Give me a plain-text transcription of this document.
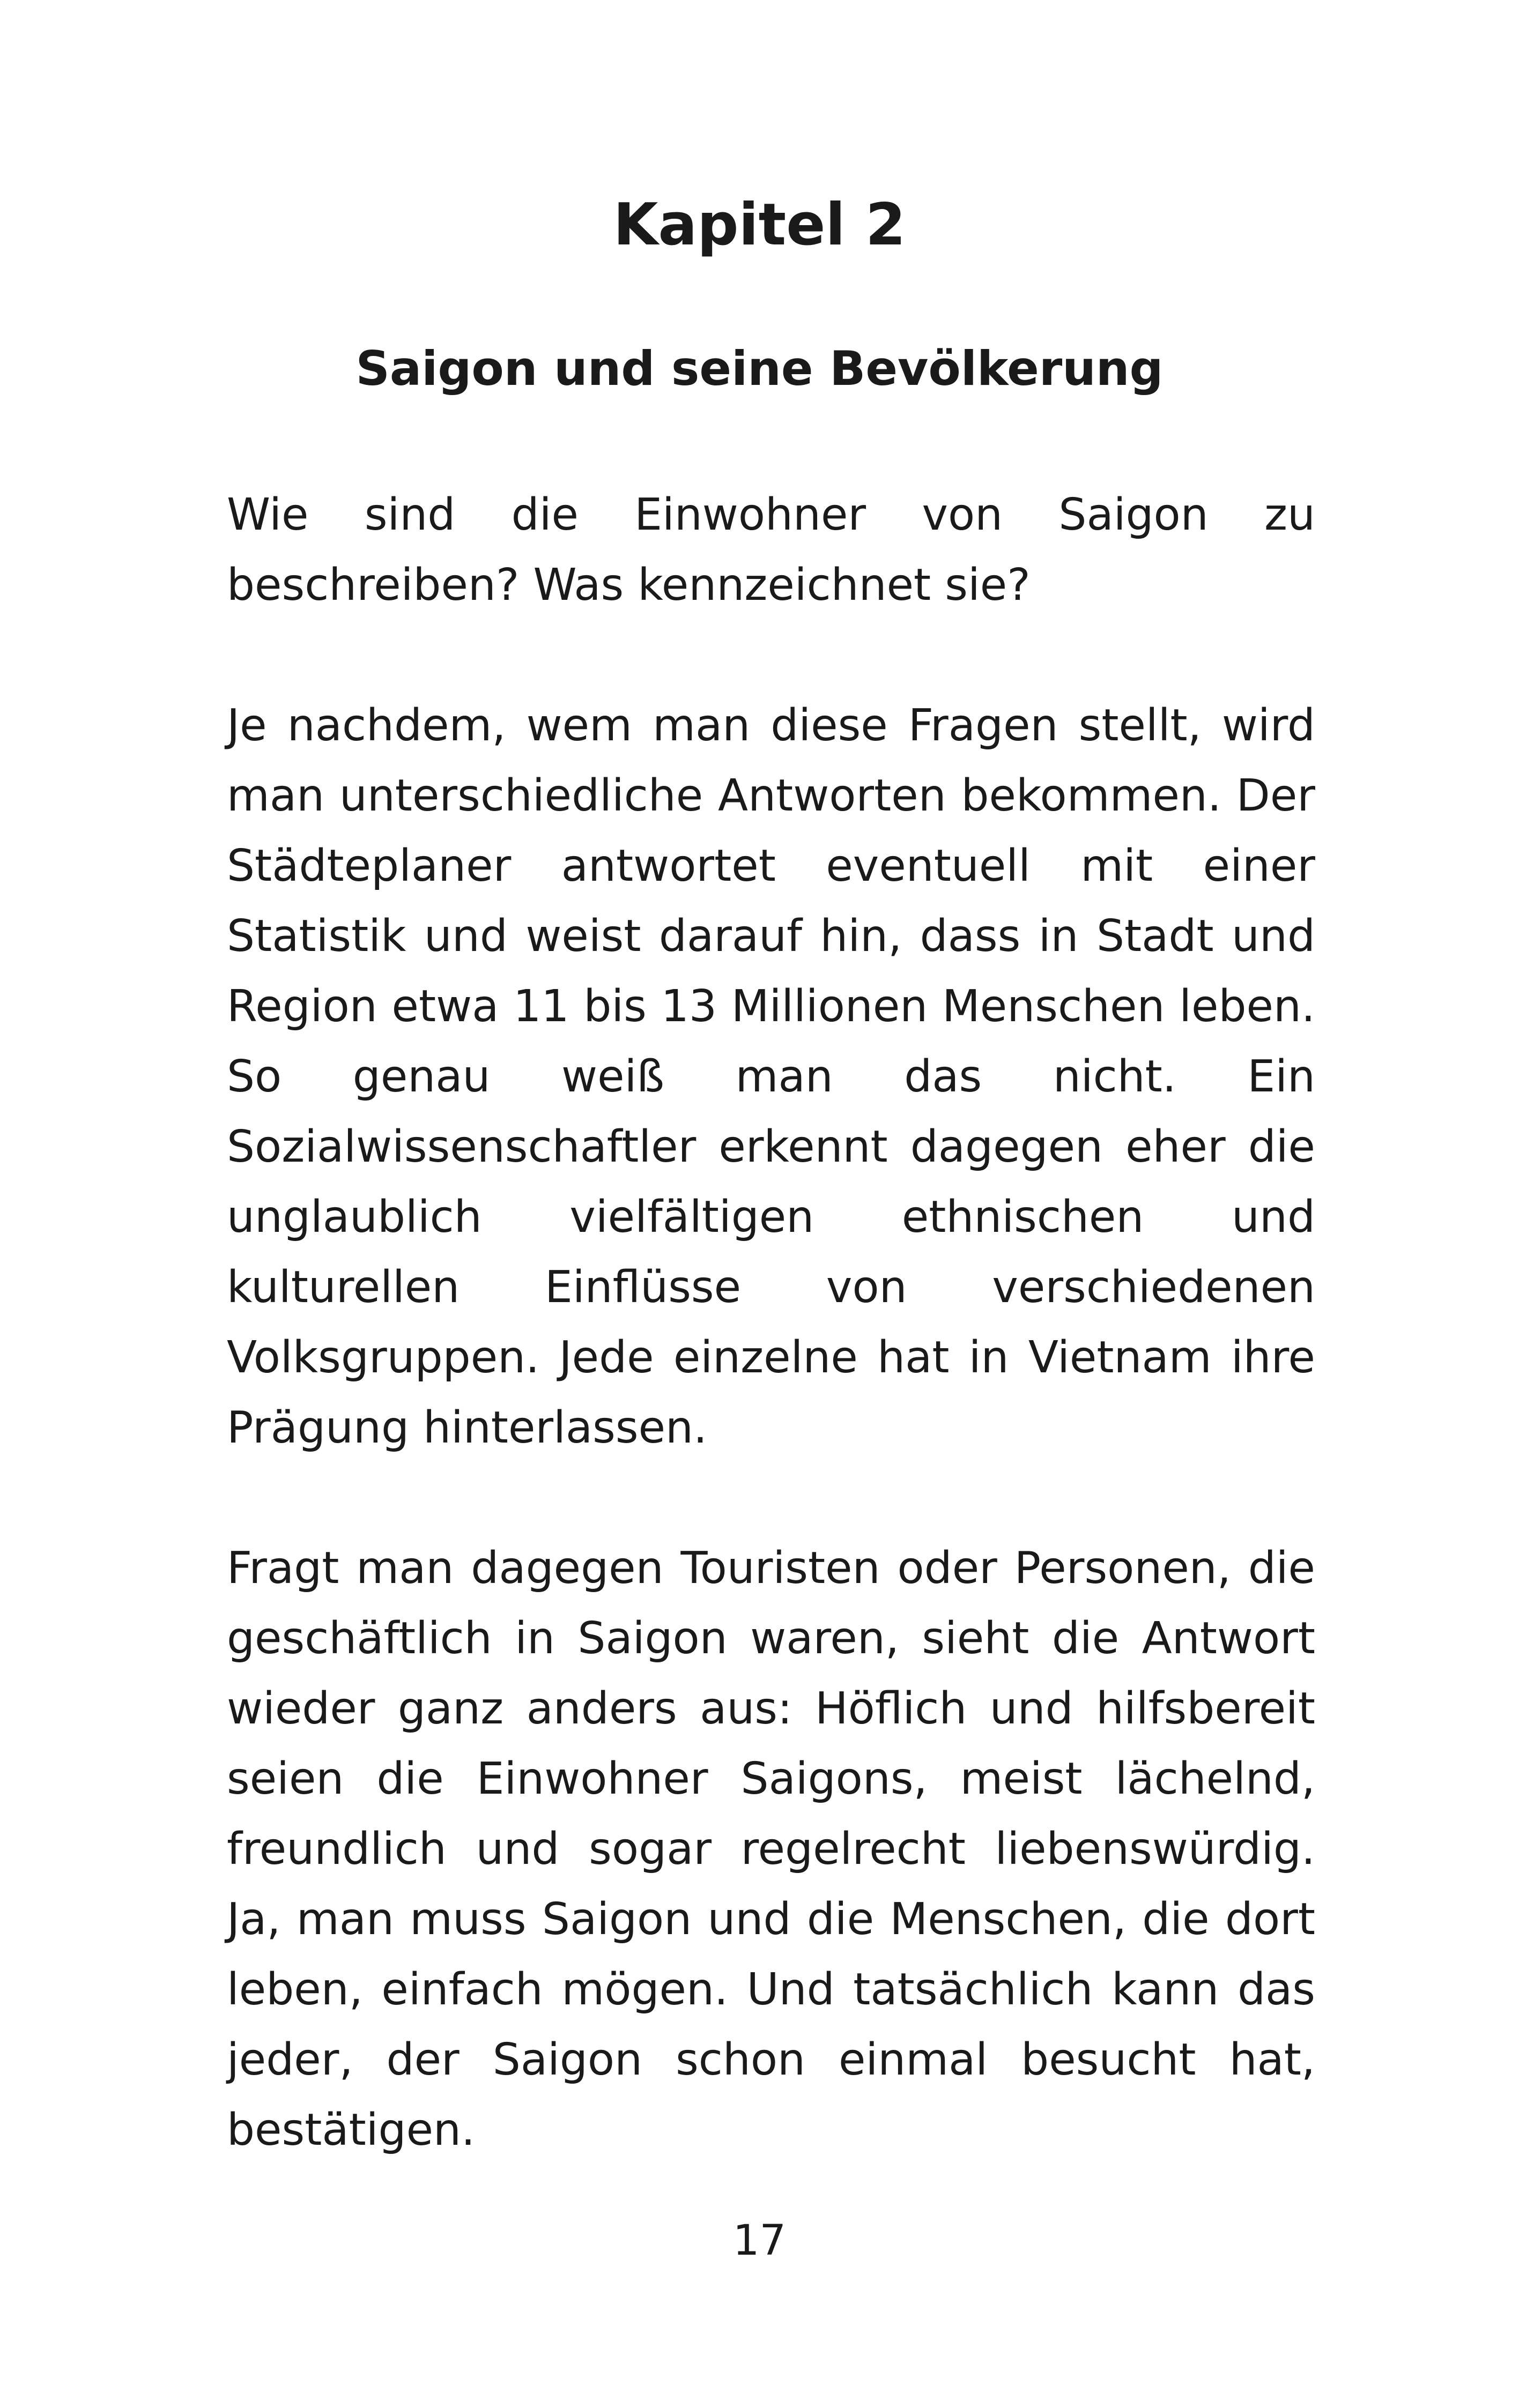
Kapitel 2
Saigon und seine Bevölkerung

Wie sind die Einwohner von Saigon zu beschreiben? Was kennzeichnet sie?

Je nachdem, wem man diese Fragen stellt, wird man unterschiedliche Antworten bekommen. Der Städteplaner antwortet eventuell mit einer Statistik und weist darauf hin, dass in Stadt und Region etwa 11 bis 13 Millionen Menschen leben. So genau weiß man das nicht. Ein Sozialwissenschaftler erkennt dagegen eher die unglaublich vielfältigen ethnischen und kulturellen Einflüsse von verschiedenen Volksgruppen. Jede einzelne hat in Vietnam ihre Prägung hinterlassen.

Fragt man dagegen Touristen oder Personen, die geschäftlich in Saigon waren, sieht die Antwort wieder ganz anders aus: Höflich und hilfsbereit seien die Einwohner Saigons, meist lächelnd, freundlich und sogar regelrecht liebenswürdig. Ja, man muss Saigon und die Menschen, die dort leben, einfach mögen. Und tatsächlich kann das jeder, der Saigon schon einmal besucht hat, bestätigen.

17
